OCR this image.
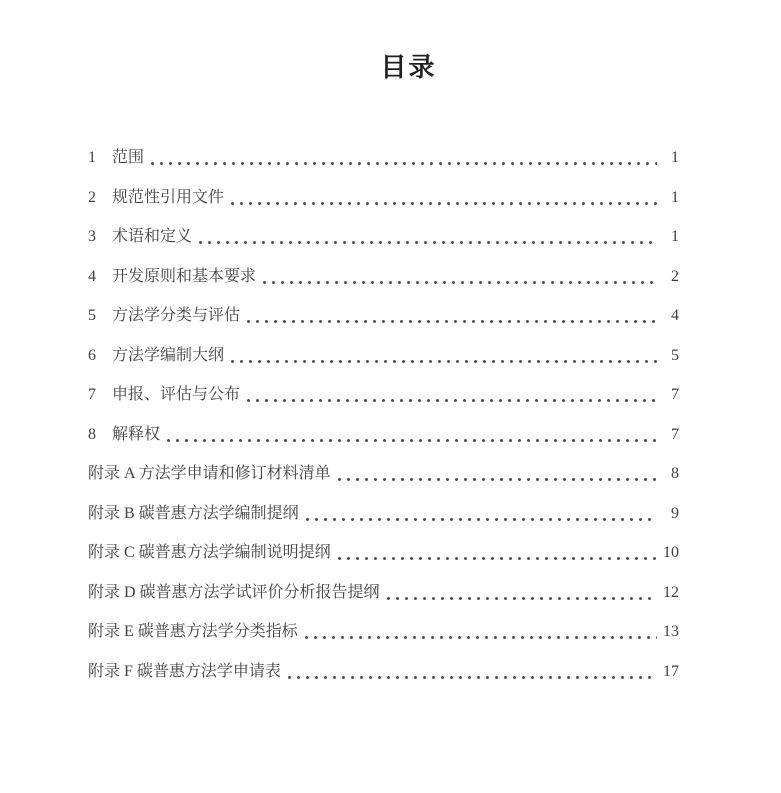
目录
1　范围	1
2　规范性引用文件	1
3　术语和定义	1
4　开发原则和基本要求	2
5　方法学分类与评估	4
6　方法学编制大纲	5
7　申报、评估与公布	7
8　解释权	7
附录 A 方法学申请和修订材料清单	8
附录 B 碳普惠方法学编制提纲	9
附录 C 碳普惠方法学编制说明提纲	10
附录 D 碳普惠方法学试评价分析报告提纲	12
附录 E 碳普惠方法学分类指标	13
附录 F 碳普惠方法学申请表	17
